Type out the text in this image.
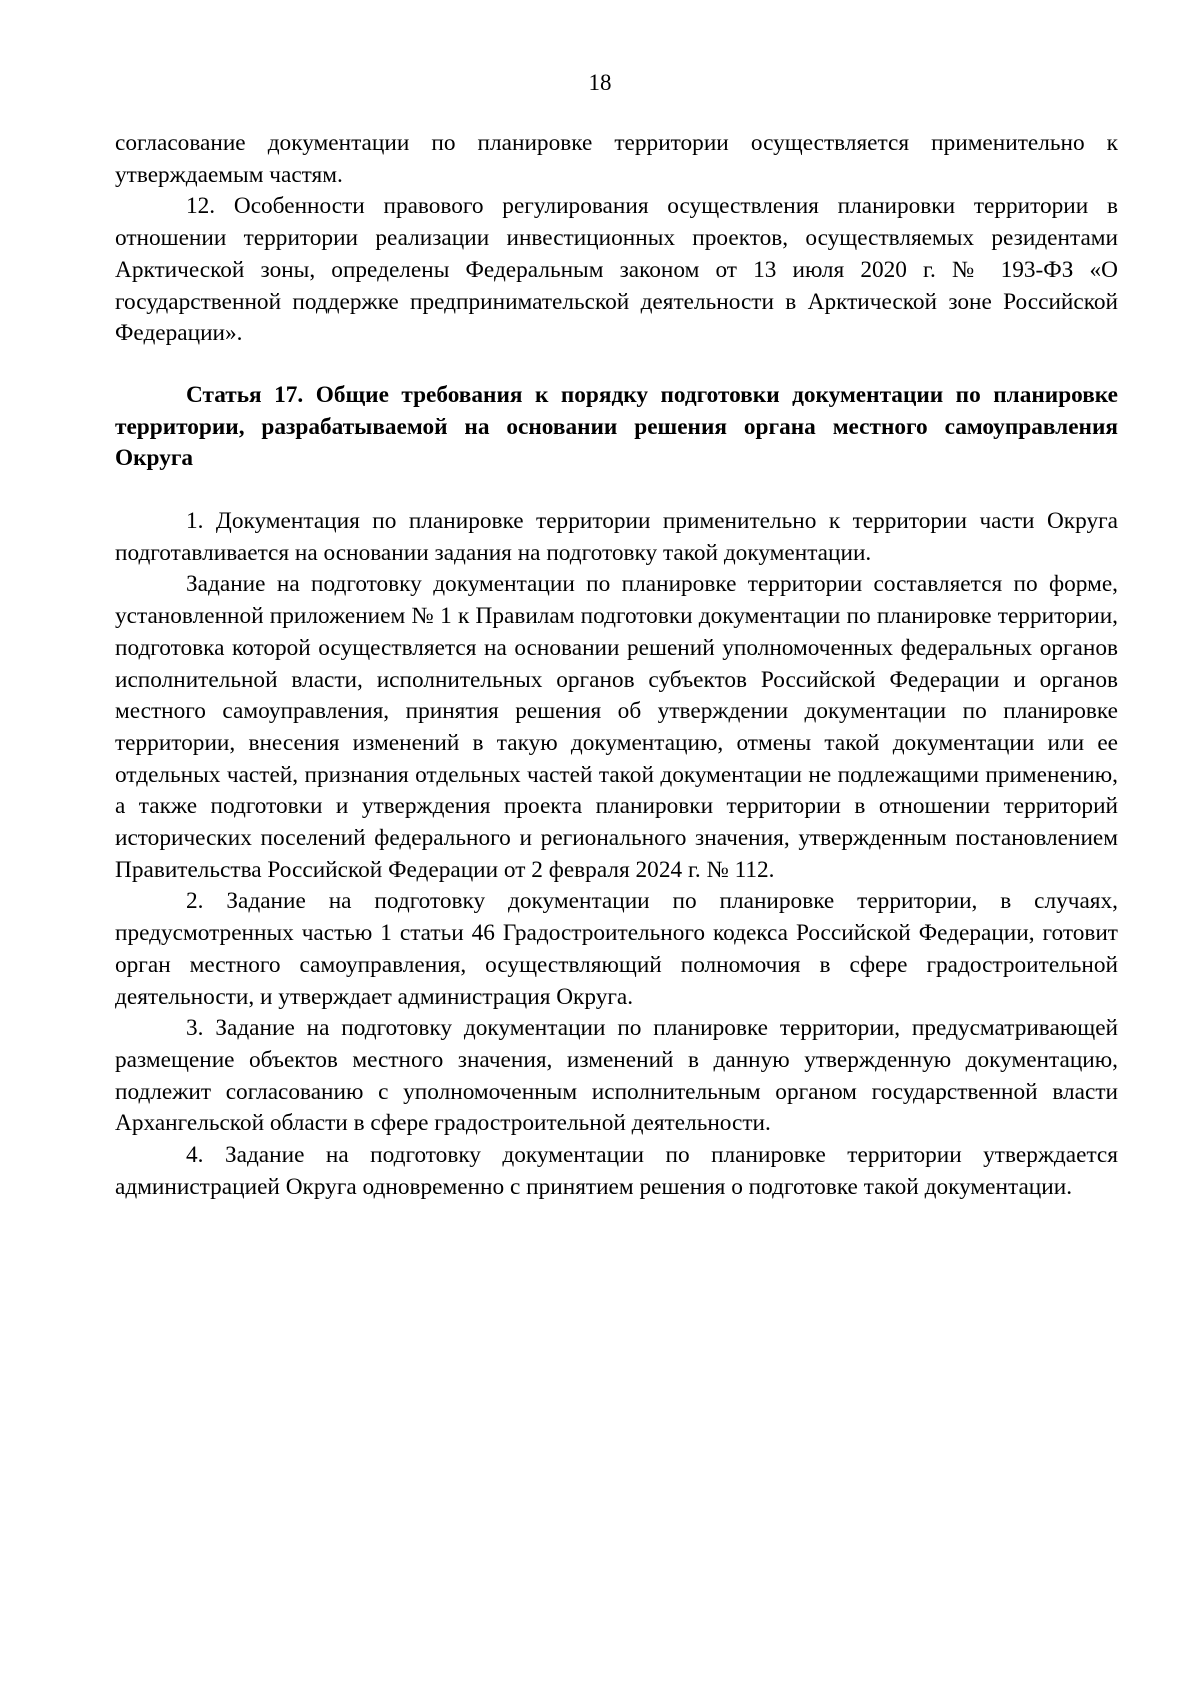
18

согласование документации по планировке территории осуществляется применительно к утверждаемым частям.

12. Особенности правового регулирования осуществления планировки территории в отношении территории реализации инвестиционных проектов, осуществляемых резидентами Арктической зоны, определены Федеральным законом от 13 июля 2020 г. № 193-ФЗ «О государственной поддержке предпринимательской деятельности в Арктической зоне Российской Федерации».

Статья 17. Общие требования к порядку подготовки документации по планировке территории, разрабатываемой на основании решения органа местного самоуправления Округа

1. Документация по планировке территории применительно к территории части Округа подготавливается на основании задания на подготовку такой документации.

Задание на подготовку документации по планировке территории составляется по форме, установленной приложением № 1 к Правилам подготовки документации по планировке территории, подготовка которой осуществляется на основании решений уполномоченных федеральных органов исполнительной власти, исполнительных органов субъектов Российской Федерации и органов местного самоуправления, принятия решения об утверждении документации по планировке территории, внесения изменений в такую документацию, отмены такой документации или ее отдельных частей, признания отдельных частей такой документации не подлежащими применению, а также подготовки и утверждения проекта планировки территории в отношении территорий исторических поселений федерального и регионального значения, утвержденным постановлением Правительства Российской Федерации от 2 февраля 2024 г. № 112.

2. Задание на подготовку документации по планировке территории, в случаях, предусмотренных частью 1 статьи 46 Градостроительного кодекса Российской Федерации, готовит орган местного самоуправления, осуществляющий полномочия в сфере градостроительной деятельности, и утверждает администрация Округа.

3. Задание на подготовку документации по планировке территории, предусматривающей размещение объектов местного значения, изменений в данную утвержденную документацию, подлежит согласованию с уполномоченным исполнительным органом государственной власти Архангельской области в сфере градостроительной деятельности.

4. Задание на подготовку документации по планировке территории утверждается администрацией Округа одновременно с принятием решения о подготовке такой документации.
